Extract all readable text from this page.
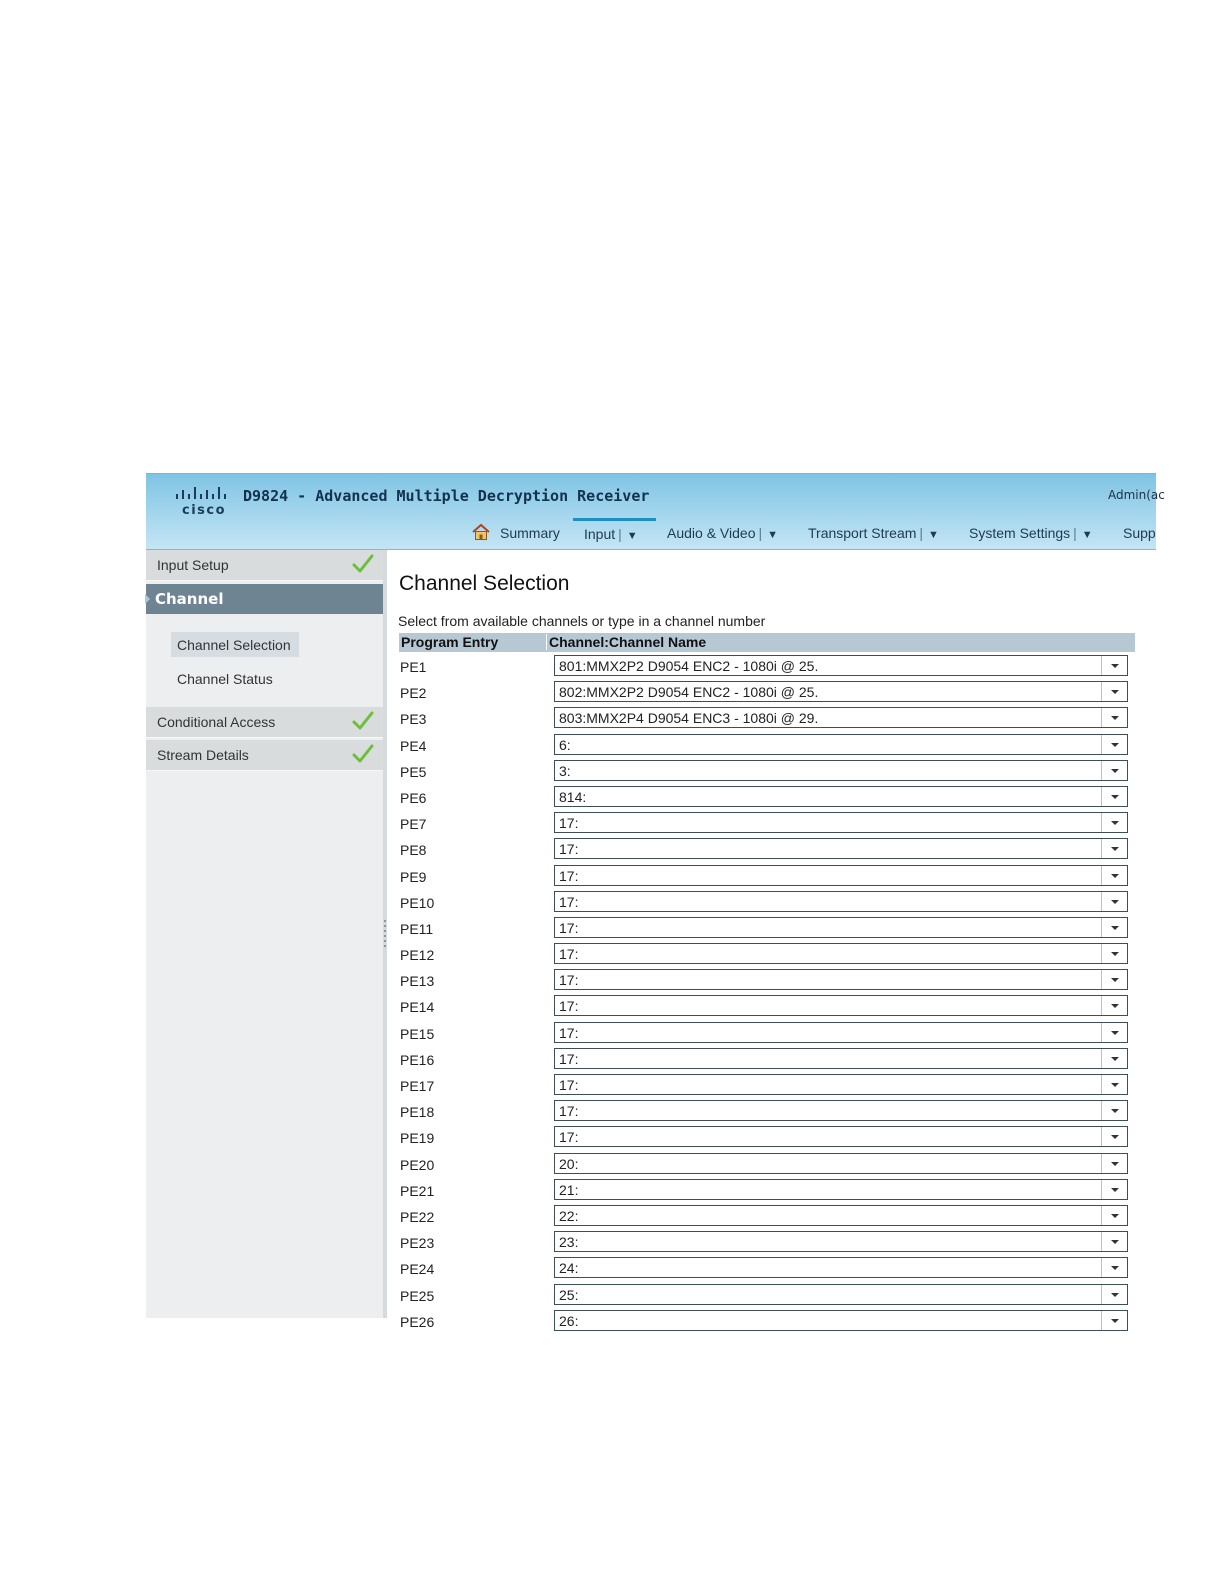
cisco
D9824 - Advanced Multiple Decryption Receiver	Admin(ac
Summary Input | ▼ Audio & Video | ▼ Transport Stream | ▼ System Settings | ▼ Supp
Input Setup
Channel
Channel Selection
Channel Status
Conditional Access
Stream Details
Channel Selection
Select from available channels or type in a channel number
Program Entry	Channel:Channel Name
PE1	801:MMX2P2 D9054 ENC2 - 1080i @ 25.
PE2	802:MMX2P2 D9054 ENC2 - 1080i @ 25.
PE3	803:MMX2P4 D9054 ENC3 - 1080i @ 29.
PE4	6:
PE5	3:
PE6	814:
PE7	17:
PE8	17:
PE9	17:
PE10	17:
PE11	17:
PE12	17:
PE13	17:
PE14	17:
PE15	17:
PE16	17:
PE17	17:
PE18	17:
PE19	17:
PE20	20:
PE21	21:
PE22	22:
PE23	23:
PE24	24:
PE25	25:
PE26	26:
